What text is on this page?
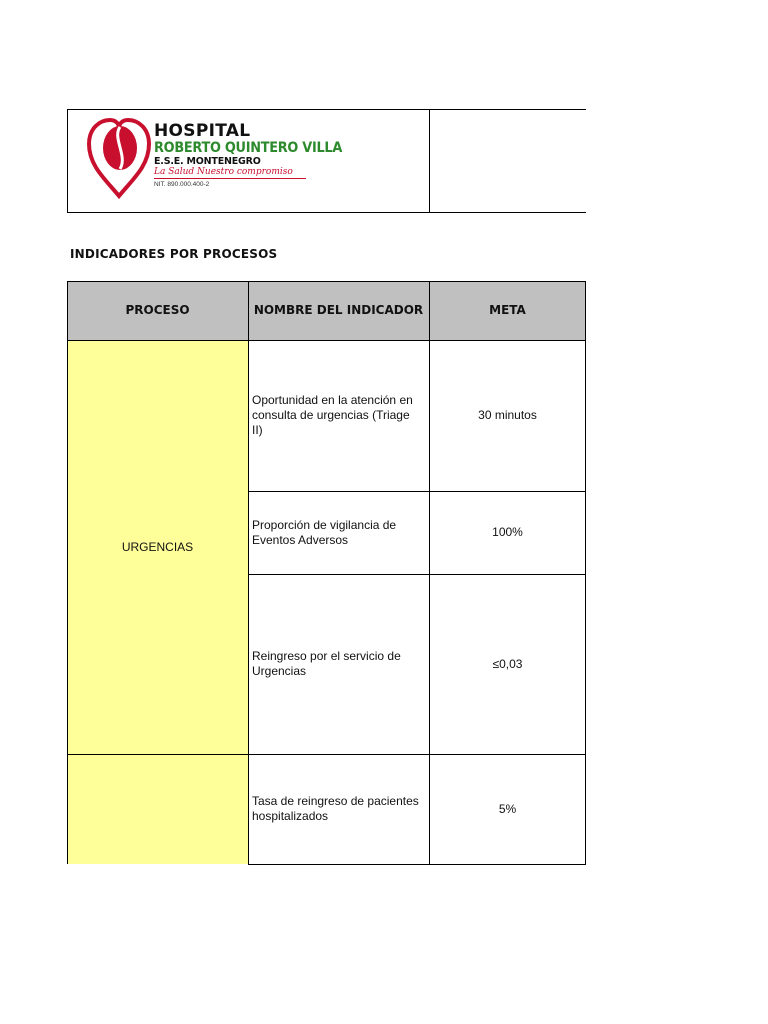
HOSPITAL
ROBERTO QUINTERO VILLA
E.S.E. MONTENEGRO
La Salud Nuestro compromiso
NIT. 890.000.400-2
INDICADORES POR PROCESOS
PROCESO	NOMBRE DEL INDICADOR	META
URGENCIAS
Oportunidad en la atención en consulta de urgencias (Triage II)
30 minutos
Proporción de vigilancia de Eventos Adversos
100%
Reingreso por el servicio de Urgencias
≤0,03
Tasa de reingreso de pacientes hospitalizados
5%
